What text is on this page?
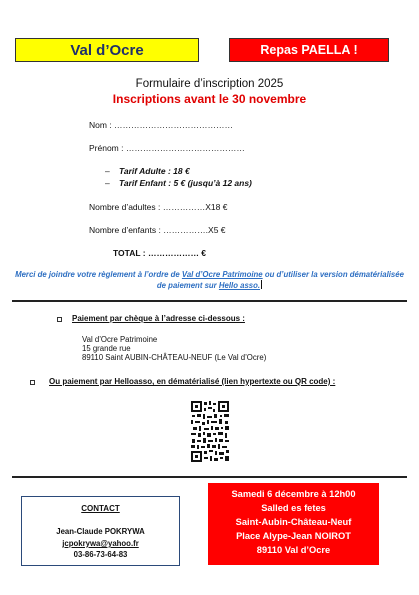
Val d’Ocre	Repas PAELLA !
Formulaire d’inscription 2025
Inscriptions avant le 30 novembre
Nom : ……………………………………
Prénom : ……………………………………
– Tarif Adulte : 18 €
– Tarif Enfant : 5 € (jusqu’à 12 ans)
Nombre d’adultes : ……………X18 €
Nombre d’enfants : …………….X5 €
TOTAL : ……………… €
Merci de joindre votre règlement à l’ordre de Val d’Ocre Patrimoine ou d’utiliser la version dématérialisée de paiement sur Hello asso.
Paiement par chèque à l’adresse ci-dessous :
Val d’Ocre Patrimoine
15 grande rue
89110 Saint AUBIN-CHÂTEAU-NEUF (Le Val d’Ocre)
Ou paiement par Helloasso, en dématérialisé (lien hypertexte ou QR code) :
CONTACT
Jean-Claude POKRYWA
jcpokrywa@yahoo.fr
03-86-73-64-83
Samedi 6 décembre à 12h00
Salled es fetes
Saint-Aubin-Château-Neuf
Place Alype-Jean NOIROT
89110 Val d’Ocre
